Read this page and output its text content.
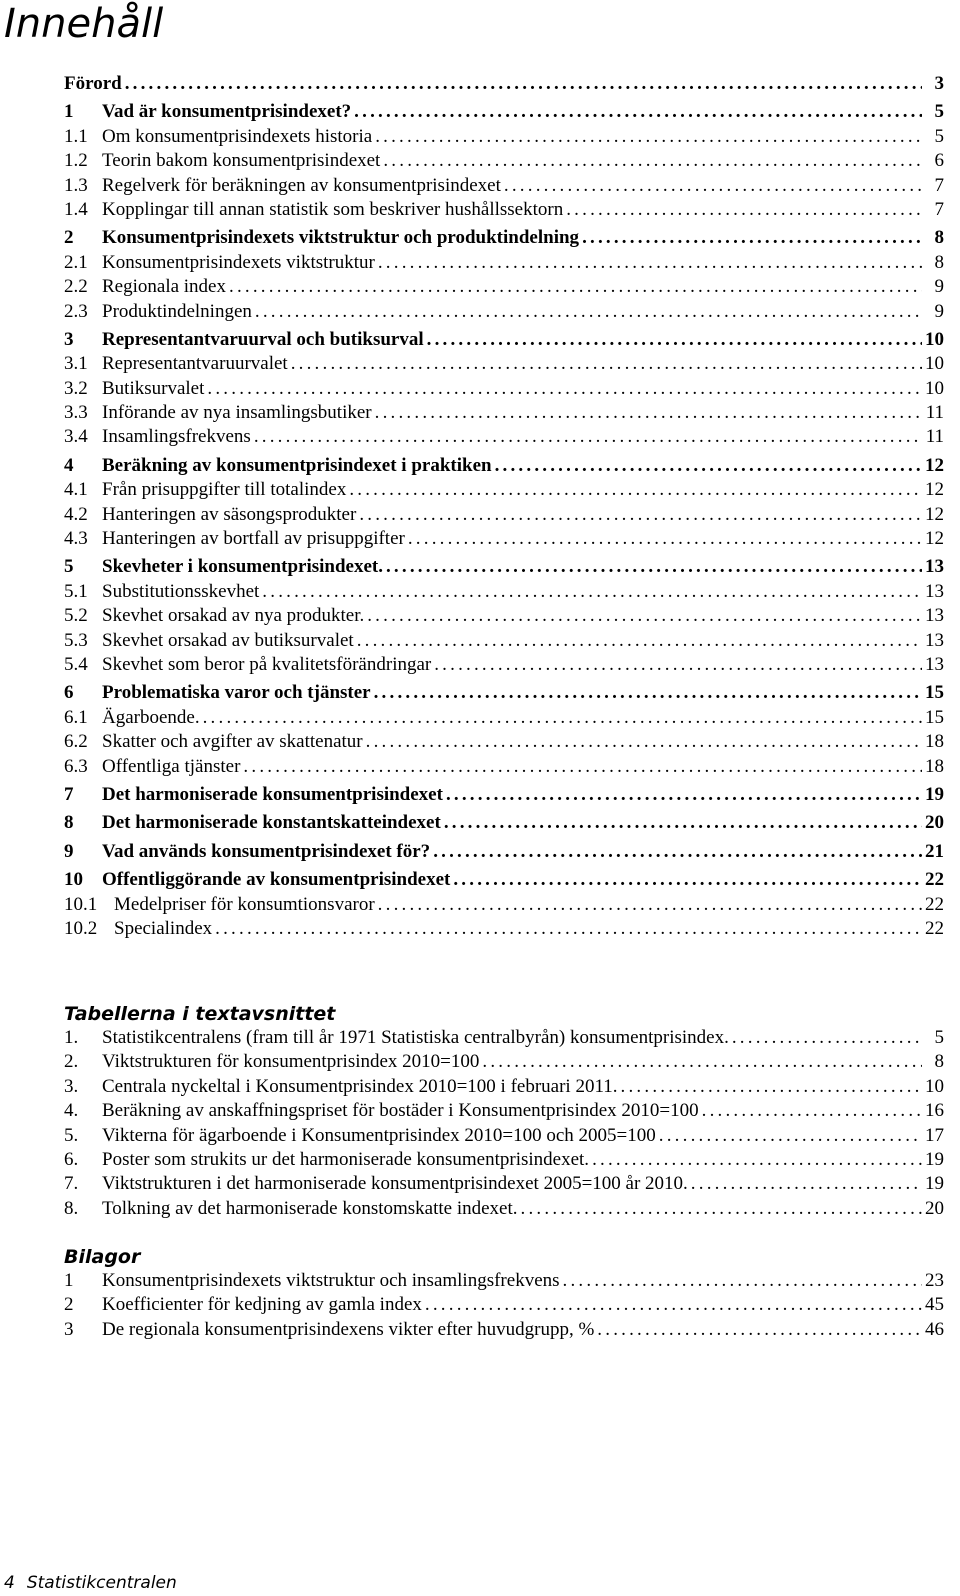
Innehåll
Förord .....	3
1	Vad är konsumentprisindexet? .....	5
1.1 Om konsumentprisindexets historia .....	5
1.2 Teorin bakom konsumentprisindexet .....	6
1.3 Regelverk för beräkningen av konsumentprisindexet .....	7
1.4 Kopplingar till annan statistik som beskriver hushållssektorn .....	7
2	Konsumentprisindexets viktstruktur och produktindelning .....	8
2.1 Konsumentprisindexets viktstruktur .....	8
2.2 Regionala index .....	9
2.3 Produktindelningen .....	9
3	Representantvaruurval och butiksurval .....	10
3.1 Representantvaruurvalet .....	10
3.2 Butiksurvalet .....	10
3.3 Införande av nya insamlingsbutiker .....	11
3.4 Insamlingsfrekvens .....	11
4	Beräkning av konsumentprisindexet i praktiken .....	12
4.1 Från prisuppgifter till totalindex .....	12
4.2 Hanteringen av säsongsprodukter .....	12
4.3 Hanteringen av bortfall av prisuppgifter .....	12
5	Skevheter i konsumentprisindexet. .....	13
5.1 Substitutionsskevhet .....	13
5.2 Skevhet orsakad av nya produkter. .....	13
5.3 Skevhet orsakad av butiksurvalet .....	13
5.4 Skevhet som beror på kvalitetsförändringar .....	13
6	Problematiska varor och tjänster .....	15
6.1 Ägarboende. .....	15
6.2 Skatter och avgifter av skattenatur .....	18
6.3 Offentliga tjänster .....	18
7	Det harmoniserade konsumentprisindexet .....	19
8	Det harmoniserade konstantskatteindexet .....	20
9	Vad används konsumentprisindexet för? .....	21
10	Offentliggörande av konsumentprisindexet .....	22
10.1 Medelpriser för konsumtionsvaror .....	22
10.2 Specialindex .....	22
Tabellerna i textavsnittet
1.	Statistikcentralens (fram till år 1971 Statistiska centralbyrån) konsumentprisindex. .....	5
2.	Viktstrukturen för konsumentprisindex 2010=100 .....	8
3.	Centrala nyckeltal i Konsumentprisindex 2010=100 i februari 2011. .....	10
4.	Beräkning av anskaffningspriset för bostäder i Konsumentprisindex 2010=100 .....	16
5.	Vikterna för ägarboende i Konsumentprisindex 2010=100 och 2005=100 .....	17
6.	Poster som strukits ur det harmoniserade konsumentprisindexet. .....	19
7.	Viktstrukturen i det harmoniserade konsumentprisindexet 2005=100 år 2010. .....	19
8.	Tolkning av det harmoniserade konstomskatte indexet. .....	20
Bilagor
1	Konsumentprisindexets viktstruktur och insamlingsfrekvens .....	23
2	Koefficienter för kedjning av gamla index .....	45
3	De regionala konsumentprisindexens vikter efter huvudgrupp, % .....	46
4 Statistikcentralen
